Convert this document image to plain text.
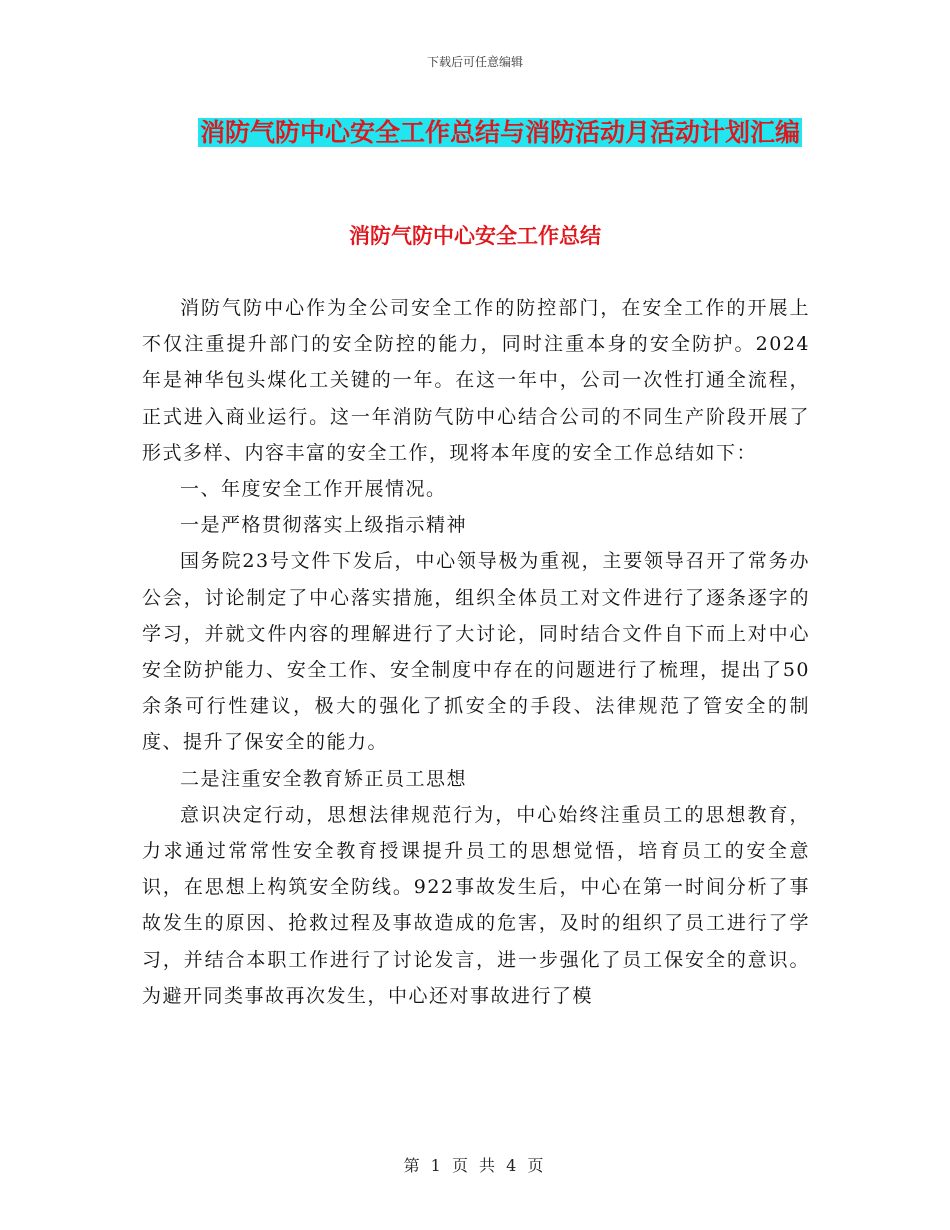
下载后可任意编辑
消防气防中心安全工作总结与消防活动月活动计划汇编
消防气防中心安全工作总结

消防气防中心作为全公司安全工作的防控部门，在安全工作的开展上不仅注重提升部门的安全防控的能力，同时注重本身的安全防护。2024年是神华包头煤化工关键的一年。在这一年中，公司一次性打通全流程，正式进入商业运行。这一年消防气防中心结合公司的不同生产阶段开展了形式多样、内容丰富的安全工作，现将本年度的安全工作总结如下：

一、年度安全工作开展情况。

一是严格贯彻落实上级指示精神

国务院23号文件下发后，中心领导极为重视，主要领导召开了常务办公会，讨论制定了中心落实措施，组织全体员工对文件进行了逐条逐字的学习，并就文件内容的理解进行了大讨论，同时结合文件自下而上对中心安全防护能力、安全工作、安全制度中存在的问题进行了梳理，提出了50余条可行性建议，极大的强化了抓安全的手段、法律规范了管安全的制度、提升了保安全的能力。

二是注重安全教育矫正员工思想

意识决定行动，思想法律规范行为，中心始终注重员工的思想教育，力求通过常常性安全教育授课提升员工的思想觉悟，培育员工的安全意识，在思想上构筑安全防线。922事故发生后，中心在第一时间分析了事故发生的原因、抢救过程及事故造成的危害，及时的组织了员工进行了学习，并结合本职工作进行了讨论发言，进一步强化了员工保安全的意识。为避开同类事故再次发生，中心还对事故进行了模

第 1 页 共 4 页
